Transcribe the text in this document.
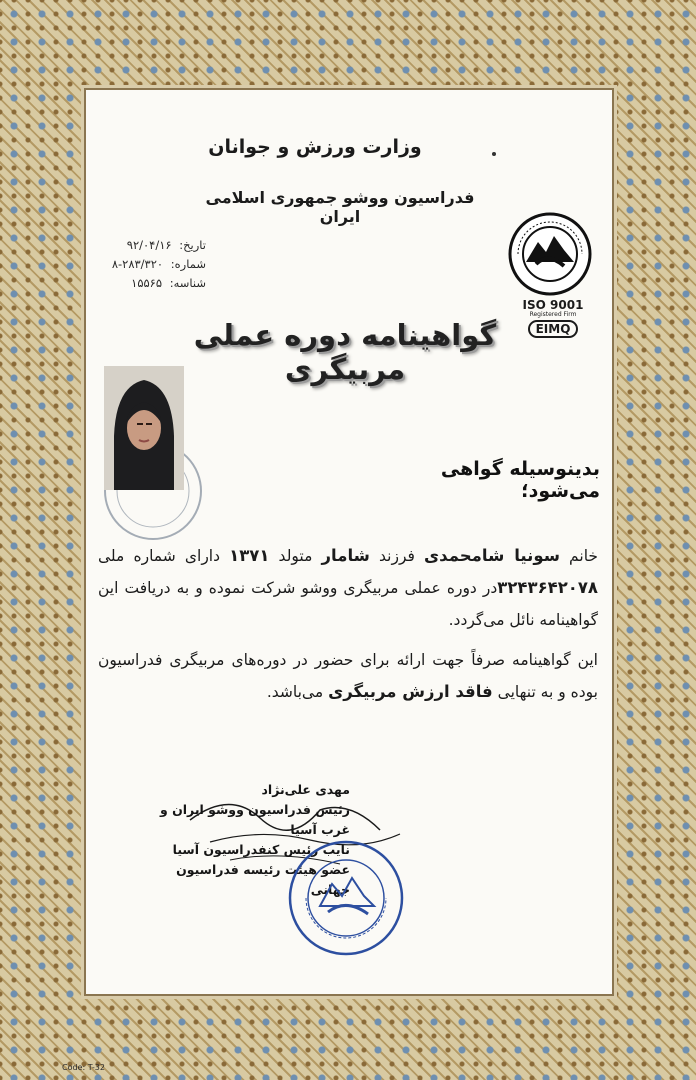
وزارت ورزش و جوانان
فدراسیون ووشو جمهوری اسلامی ایران
تاریخ: ۹۲/۰۴/۱۶
شماره: ۲۸۳/۳۲۰-۸
شناسه: ۱۵۵۶۵
ISO 9001
Registered Firm
EIMQ
گواهینامه دوره عملی مربیگری
بدینوسیله گواهی می‌شود؛

خانم سونیا شامحمدی فرزند شامار متولد ۱۳۷۱ دارای شماره ملی ۳۲۴۳۶۴۲۰۷۸در دوره عملی مربیگری ووشو شرکت نموده و به دریافت این گواهینامه نائل می‌گردد.

این گواهینامه صرفاً جهت ارائه برای حضور در دوره‌های مربیگری فدراسیون بوده و به تنهایی فاقد ارزش مربیگری می‌باشد.

مهدی علی‌نژاد
رئیس فدراسیون ووشو ایران و غرب آسیا
نایب رئیس کنفدراسیون آسیا
عضو هیئت رئیسه فدراسیون جهانی
Code: T-32
